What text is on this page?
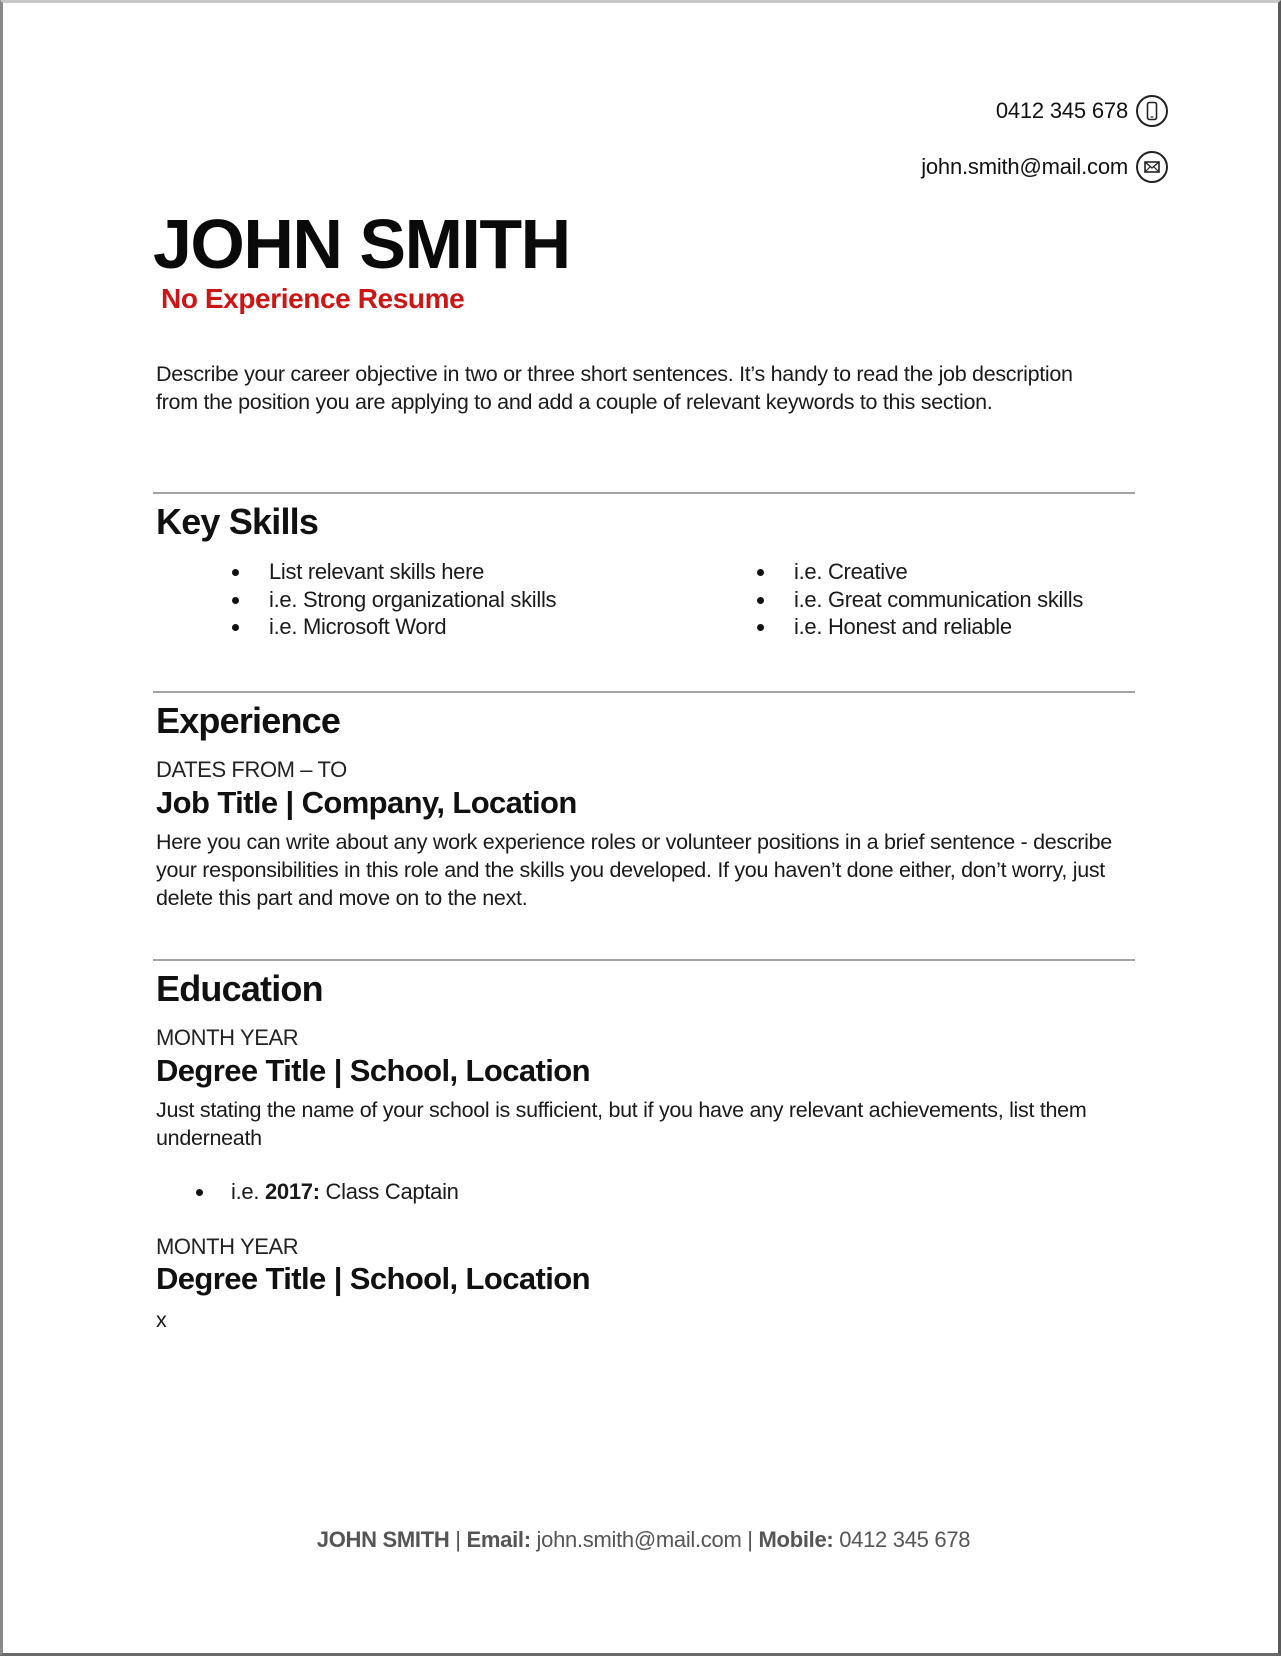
0412 345 678
john.smith@mail.com
JOHN SMITH
No Experience Resume
Describe your career objective in two or three short sentences. It’s handy to read the job description from the position you are applying to and add a couple of relevant keywords to this section.
Key Skills
List relevant skills here
i.e. Strong organizational skills
i.e. Microsoft Word
i.e. Creative
i.e. Great communication skills
i.e. Honest and reliable
Experience
DATES FROM – TO
Job Title | Company, Location
Here you can write about any work experience roles or volunteer positions in a brief sentence - describe your responsibilities in this role and the skills you developed. If you haven’t done either, don’t worry, just delete this part and move on to the next.
Education
MONTH YEAR
Degree Title | School, Location
Just stating the name of your school is sufficient, but if you have any relevant achievements, list them underneath
i.e. 2017: Class Captain
MONTH YEAR
Degree Title | School, Location
x
JOHN SMITH | Email: john.smith@mail.com | Mobile: 0412 345 678
